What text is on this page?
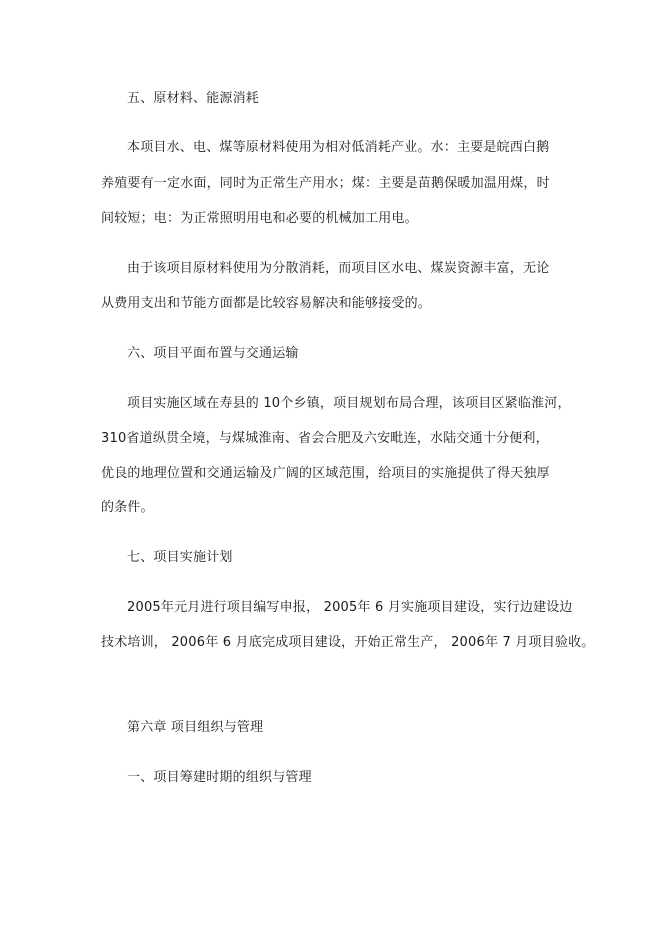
五、原材料、能源消耗
本项目水、电、煤等原材料使用为相对低消耗产业。水：主要是皖西白鹅
养殖要有一定水面，同时为正常生产用水；煤：主要是苗鹅保暖加温用煤，时
间较短；电：为正常照明用电和必要的机械加工用电。
由于该项目原材料使用为分散消耗，而项目区水电、煤炭资源丰富，无论
从费用支出和节能方面都是比较容易解决和能够接受的。
六、项目平面布置与交通运输
项目实施区域在寿县的 10个乡镇，项目规划布局合理，该项目区紧临淮河，
310省道纵贯全境，与煤城淮南、省会合肥及六安毗连，水陆交通十分便利，
优良的地理位置和交通运输及广阔的区域范围，给项目的实施提供了得天独厚
的条件。
七、项目实施计划
2005年元月进行项目编写申报， 2005年 6 月实施项目建设，实行边建设边
技术培训， 2006年 6 月底完成项目建设，开始正常生产， 2006年 7 月项目验收。
第六章 项目组织与管理
一、项目筹建时期的组织与管理
